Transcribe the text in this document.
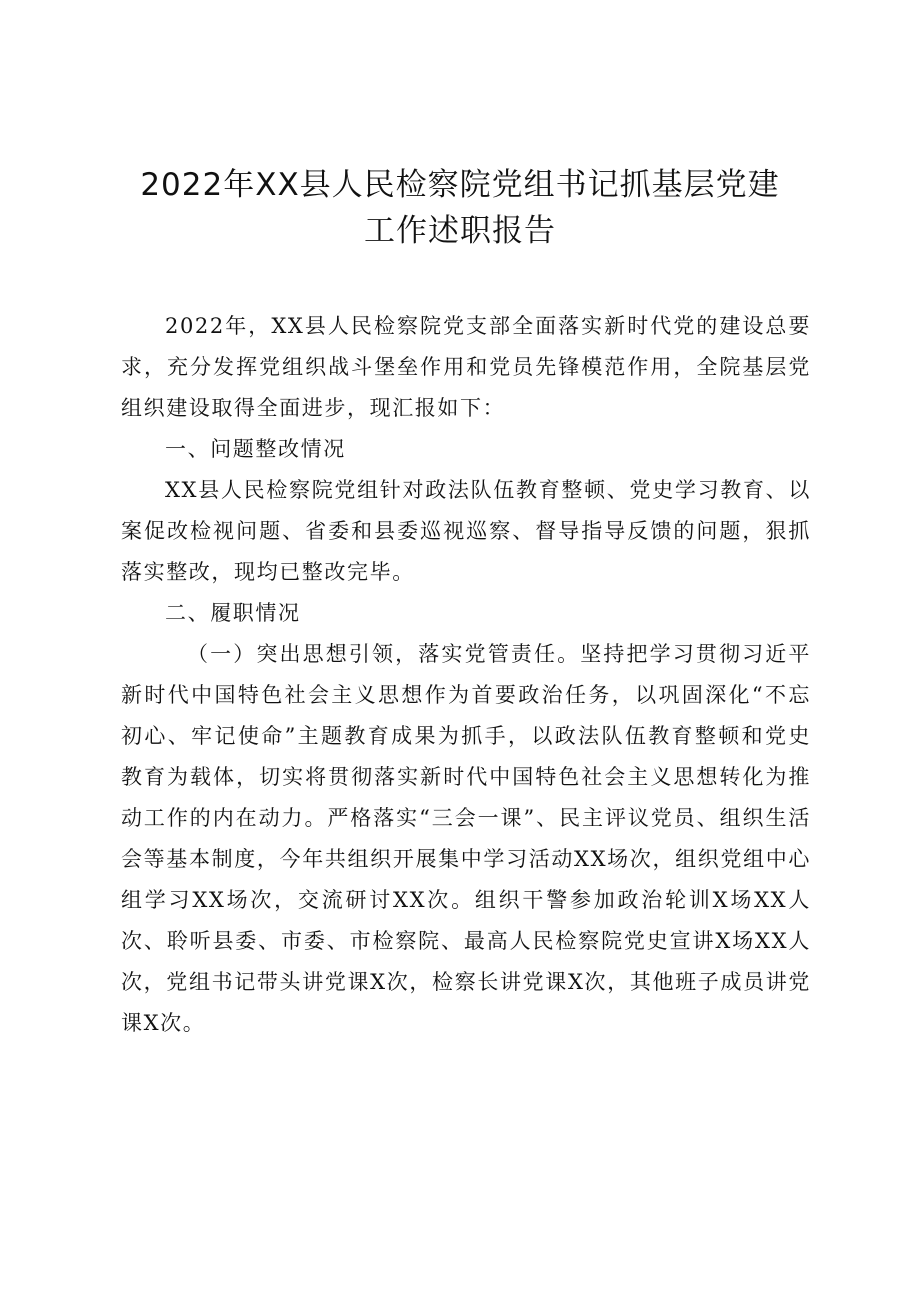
2022年XX县人民检察院党组书记抓基层党建
工作述职报告

2022年，XX县人民检察院党支部全面落实新时代党的建设总要求，充分发挥党组织战斗堡垒作用和党员先锋模范作用，全院基层党组织建设取得全面进步，现汇报如下：

一、问题整改情况

XX县人民检察院党组针对政法队伍教育整顿、党史学习教育、以案促改检视问题、省委和县委巡视巡察、督导指导反馈的问题，狠抓落实整改，现均已整改完毕。

二、履职情况

（一）突出思想引领，落实党管责任。坚持把学习贯彻习近平新时代中国特色社会主义思想作为首要政治任务，以巩固深化“不忘初心、牢记使命”主题教育成果为抓手，以政法队伍教育整顿和党史教育为载体，切实将贯彻落实新时代中国特色社会主义思想转化为推动工作的内在动力。严格落实“三会一课”、民主评议党员、组织生活会等基本制度，今年共组织开展集中学习活动XX场次，组织党组中心组学习XX场次，交流研讨XX次。组织干警参加政治轮训X场XX人次、聆听县委、市委、市检察院、最高人民检察院党史宣讲X场XX人次，党组书记带头讲党课X次，检察长讲党课X次，其他班子成员讲党课X次。
